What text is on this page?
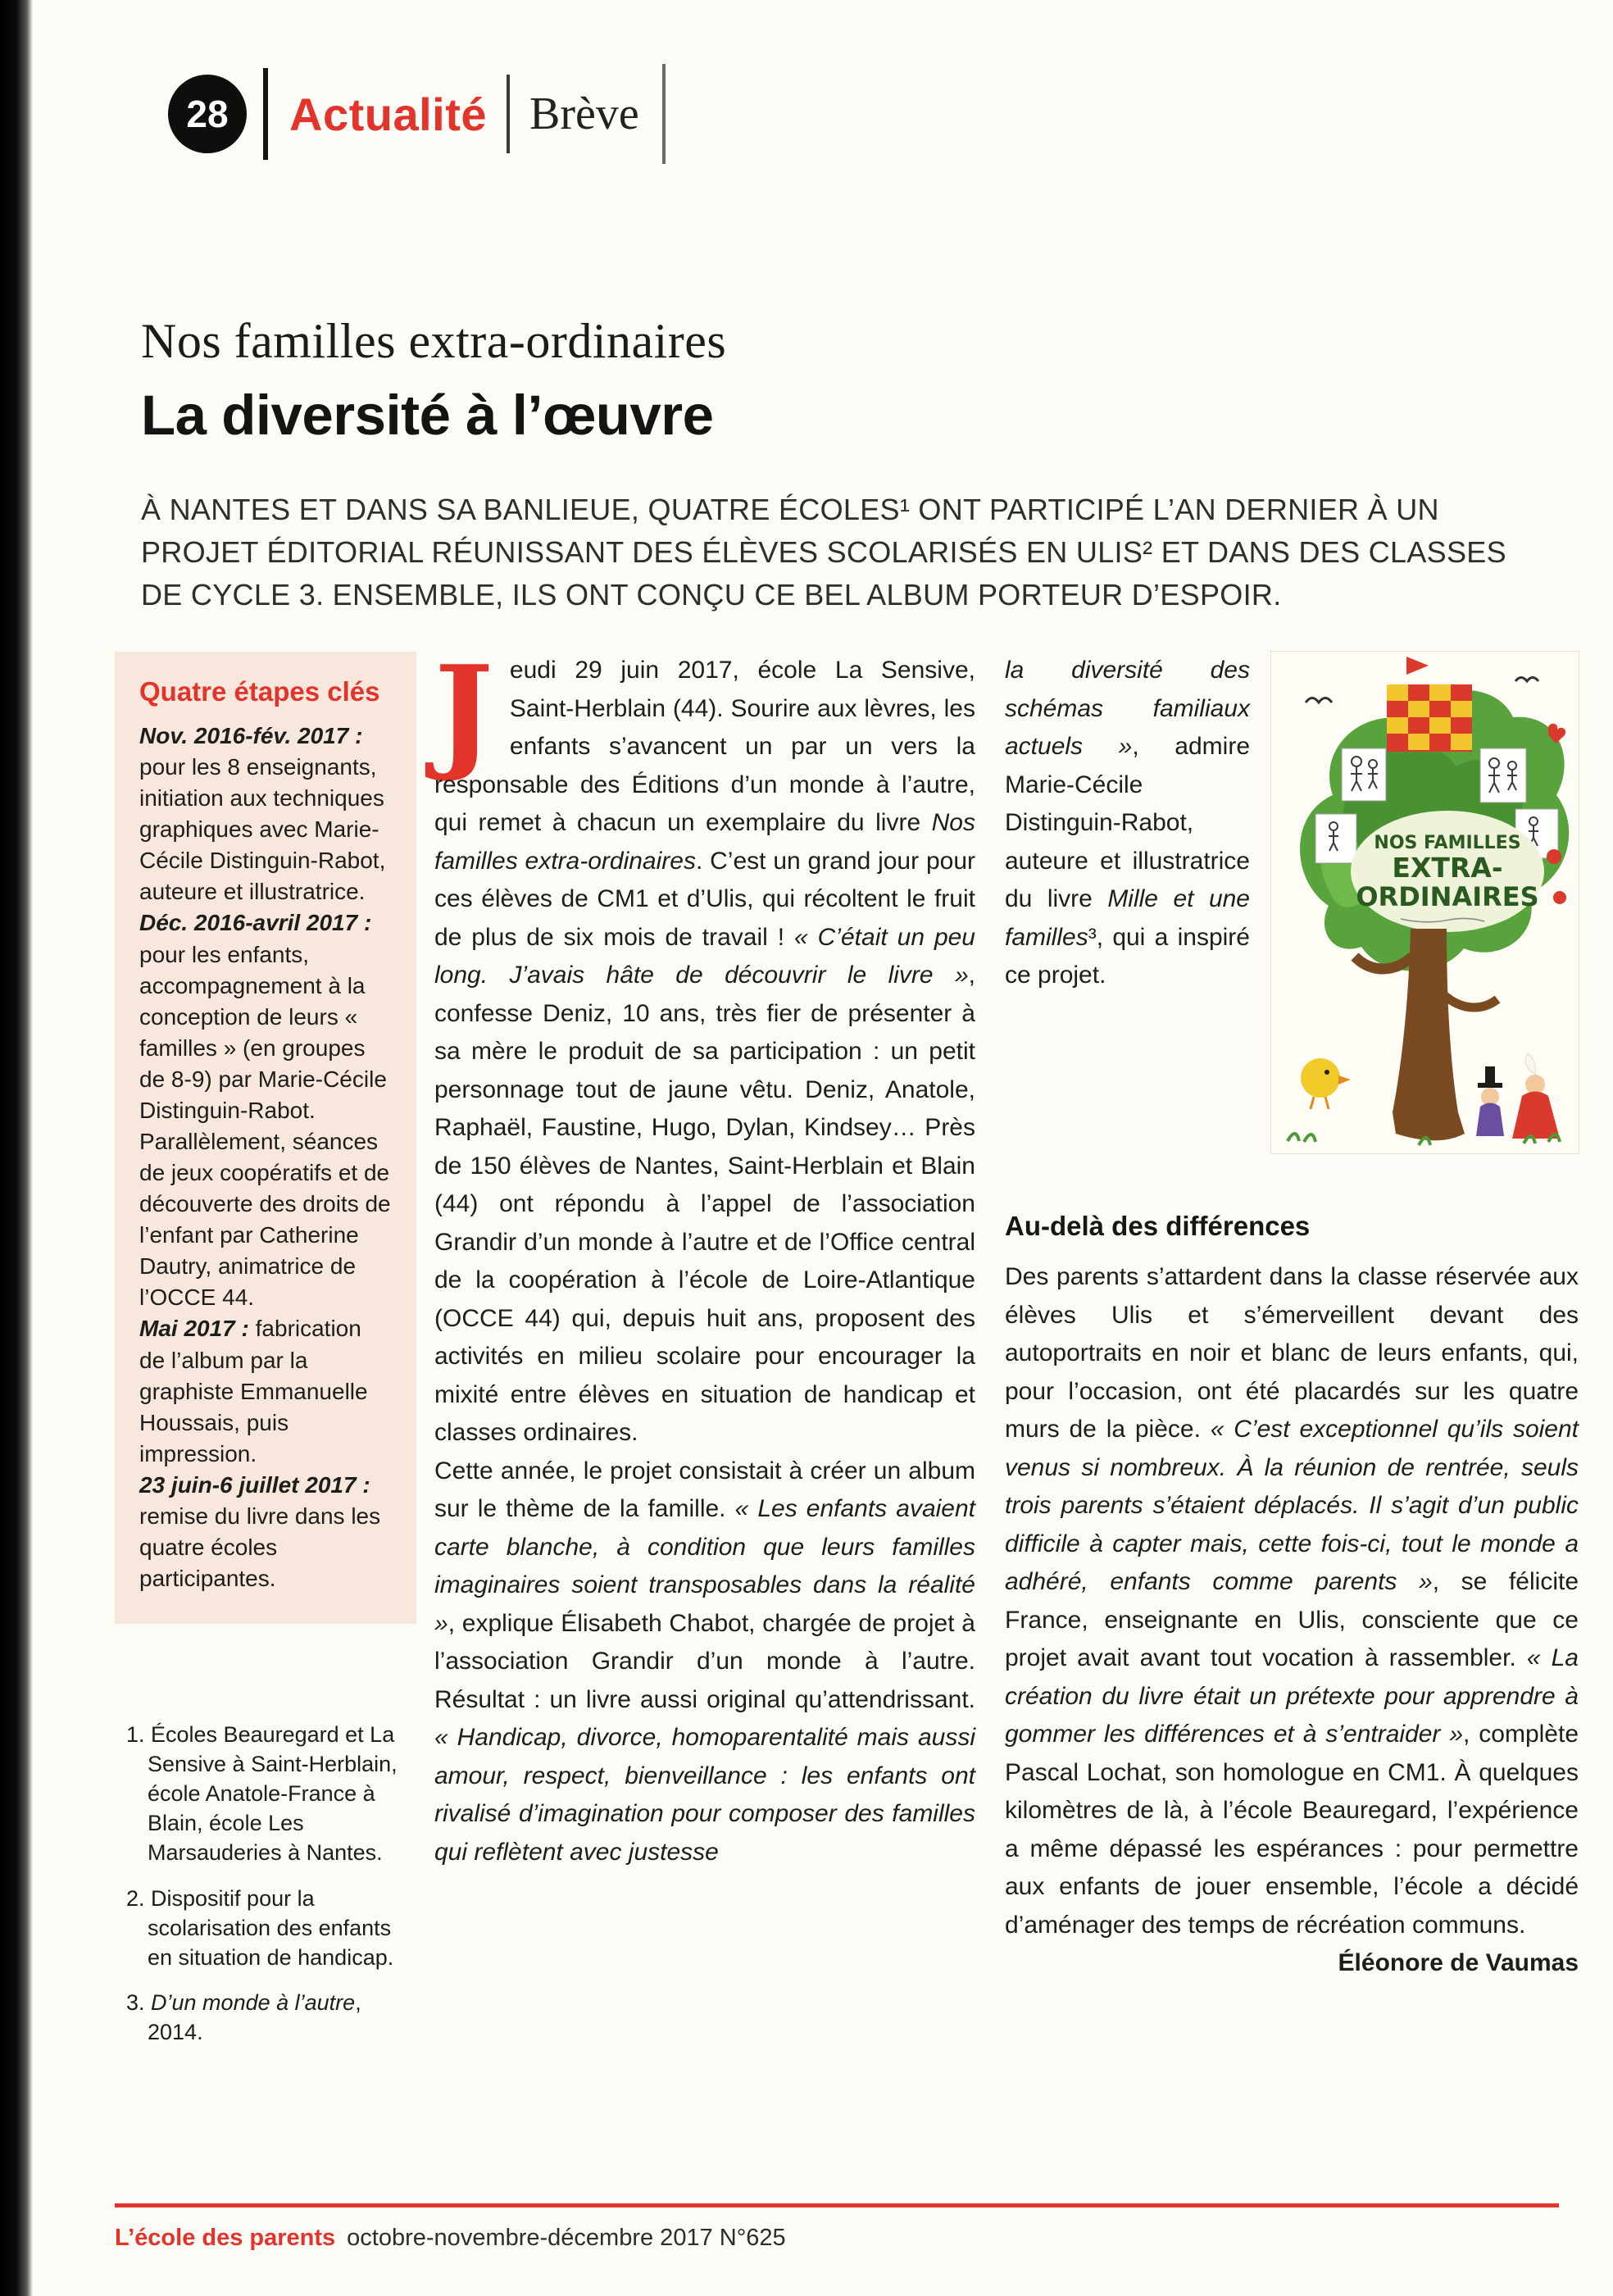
28 Actualité Brève
Nos familles extra-ordinaires
La diversité à l’œuvre

À NANTES ET DANS SA BANLIEUE, QUATRE ÉCOLES¹ ONT PARTICIPÉ L’AN DERNIER À UN PROJET ÉDITORIAL RÉUNISSANT DES ÉLÈVES SCOLARISÉS EN ULIS² ET DANS DES CLASSES DE CYCLE 3. ENSEMBLE, ILS ONT CONÇU CE BEL ALBUM PORTEUR D’ESPOIR.

Quatre étapes clés

Nov. 2016-fév. 2017 : pour les 8 enseignants, initiation aux techniques graphiques avec Marie-Cécile Distinguin-Rabot, auteure et illustratrice.

Déc. 2016-avril 2017 : pour les enfants, accompagnement à la conception de leurs « familles » (en groupes de 8-9) par Marie-Cécile Distinguin-Rabot. Parallèlement, séances de jeux coopératifs et de découverte des droits de l’enfant par Catherine Dautry, animatrice de l’OCCE 44.

Mai 2017 : fabrication de l’album par la graphiste Emmanuelle Houssais, puis impression.

23 juin-6 juillet 2017 : remise du livre dans les quatre écoles participantes.

1. Écoles Beauregard et La Sensive à Saint-Herblain, école Anatole-France à Blain, école Les Marsauderies à Nantes.

2. Dispositif pour la scolarisation des enfants en situation de handicap.

3. D’un monde à l’autre, 2014.

Jeudi 29 juin 2017, école La Sensive, Saint-Herblain (44). Sourire aux lèvres, les enfants s’avancent un par un vers la responsable des Éditions d’un monde à l’autre, qui remet à chacun un exemplaire du livre Nos familles extra-ordinaires. C’est un grand jour pour ces élèves de CM1 et d’Ulis, qui récoltent le fruit de plus de six mois de travail ! « C’était un peu long. J’avais hâte de découvrir le livre », confesse Deniz, 10 ans, très fier de présenter à sa mère le produit de sa participation : un petit personnage tout de jaune vêtu. Deniz, Anatole, Raphaël, Faustine, Hugo, Dylan, Kindsey… Près de 150 élèves de Nantes, Saint-Herblain et Blain (44) ont répondu à l’appel de l’association Grandir d’un monde à l’autre et de l’Office central de la coopération à l’école de Loire-Atlantique (OCCE 44) qui, depuis huit ans, proposent des activités en milieu scolaire pour encourager la mixité entre élèves en situation de handicap et classes ordinaires.

Cette année, le projet consistait à créer un album sur le thème de la famille. « Les enfants avaient carte blanche, à condition que leurs familles imaginaires soient transposables dans la réalité », explique Élisabeth Chabot, chargée de projet à l’association Grandir d’un monde à l’autre. Résultat : un livre aussi original qu’attendrissant. « Handicap, divorce, homoparentalité mais aussi amour, respect, bienveillance : les enfants ont rivalisé d’imagination pour composer des familles qui reflètent avec justesse

NOS FAMILLES
EXTRA-
ORDINAIRES

la diversité des schémas familiaux actuels », admire Marie-Cécile Distinguin-Rabot, auteure et illustratrice du livre Mille et une familles³, qui a inspiré ce projet.

Au-delà des différences

Des parents s’attardent dans la classe réservée aux élèves Ulis et s’émerveillent devant des autoportraits en noir et blanc de leurs enfants, qui, pour l’occasion, ont été placardés sur les quatre murs de la pièce. « C’est exceptionnel qu’ils soient venus si nombreux. À la réunion de rentrée, seuls trois parents s’étaient déplacés. Il s’agit d’un public difficile à capter mais, cette fois-ci, tout le monde a adhéré, enfants comme parents », se félicite France, enseignante en Ulis, consciente que ce projet avait avant tout vocation à rassembler. « La création du livre était un prétexte pour apprendre à gommer les différences et à s’entraider », complète Pascal Lochat, son homologue en CM1. À quelques kilomètres de là, à l’école Beauregard, l’expérience a même dépassé les espérances : pour permettre aux enfants de jouer ensemble, l’école a décidé d’aménager des temps de récréation communs.
Éléonore de Vaumas

L’école des parents octobre-novembre-décembre 2017 N°625
